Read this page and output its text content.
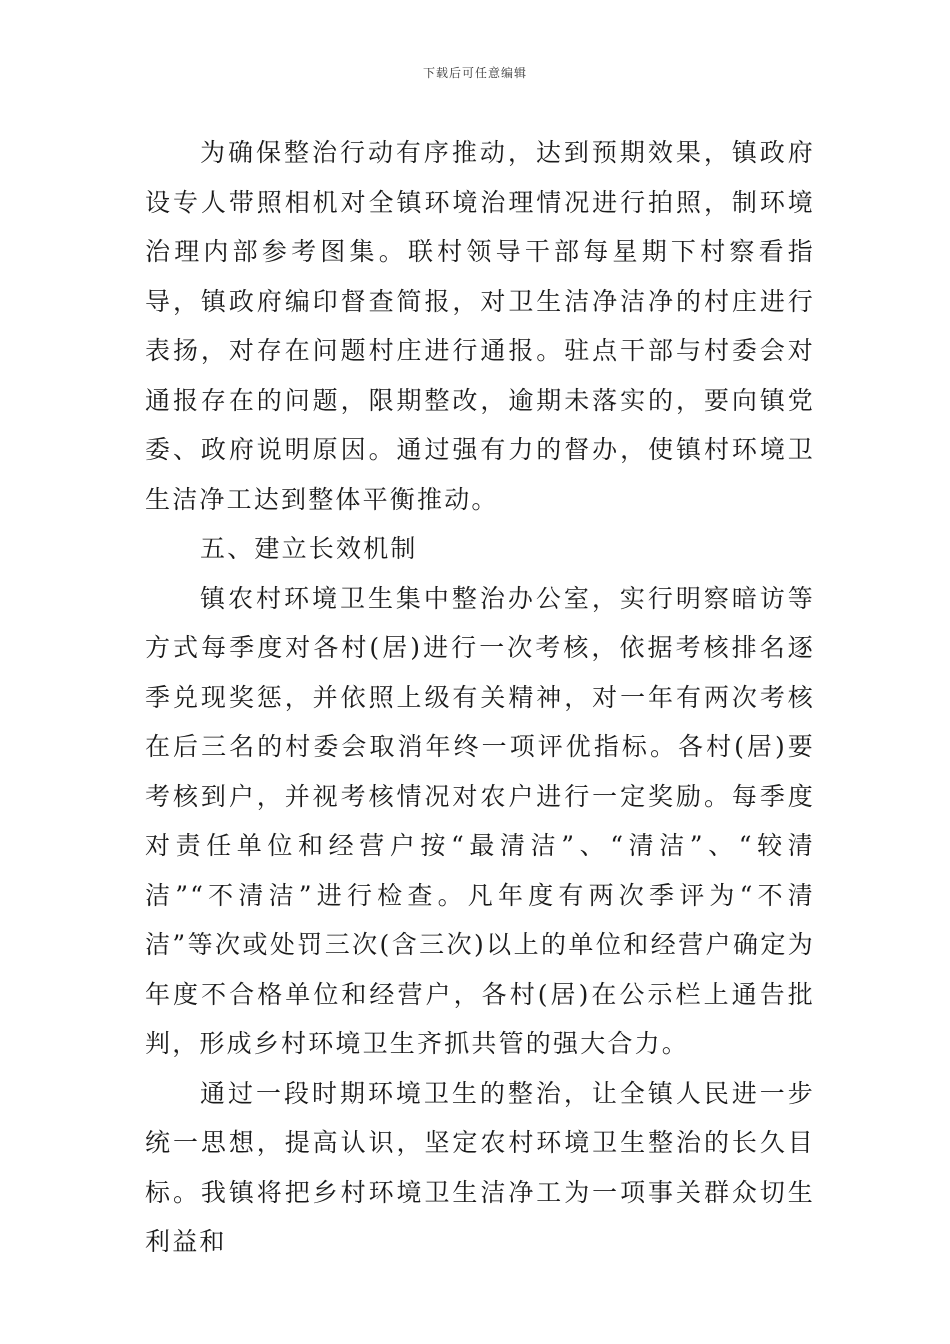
下载后可任意编辑

为确保整治行动有序推动，达到预期效果，镇政府设专人带照相机对全镇环境治理情况进行拍照，制环境治理内部参考图集。联村领导干部每星期下村察看指导，镇政府编印督查简报，对卫生洁净洁净的村庄进行表扬，对存在问题村庄进行通报。驻点干部与村委会对通报存在的问题，限期整改，逾期未落实的，要向镇党委、政府说明原因。通过强有力的督办，使镇村环境卫生洁净工达到整体平衡推动。

五、建立长效机制

镇农村环境卫生集中整治办公室，实行明察暗访等方式每季度对各村(居)进行一次考核，依据考核排名逐季兑现奖惩，并依照上级有关精神，对一年有两次考核在后三名的村委会取消年终一项评优指标。各村(居)要考核到户，并视考核情况对农户进行一定奖励。每季度对责任单位和经营户按“最清洁”、“清洁”、“较清洁”“不清洁”进行检查。凡年度有两次季评为“不清洁”等次或处罚三次(含三次)以上的单位和经营户确定为年度不合格单位和经营户，各村(居)在公示栏上通告批判，形成乡村环境卫生齐抓共管的强大合力。

通过一段时期环境卫生的整治，让全镇人民进一步统一思想，提高认识，坚定农村环境卫生整治的长久目标。我镇将把乡村环境卫生洁净工为一项事关群众切生利益和
